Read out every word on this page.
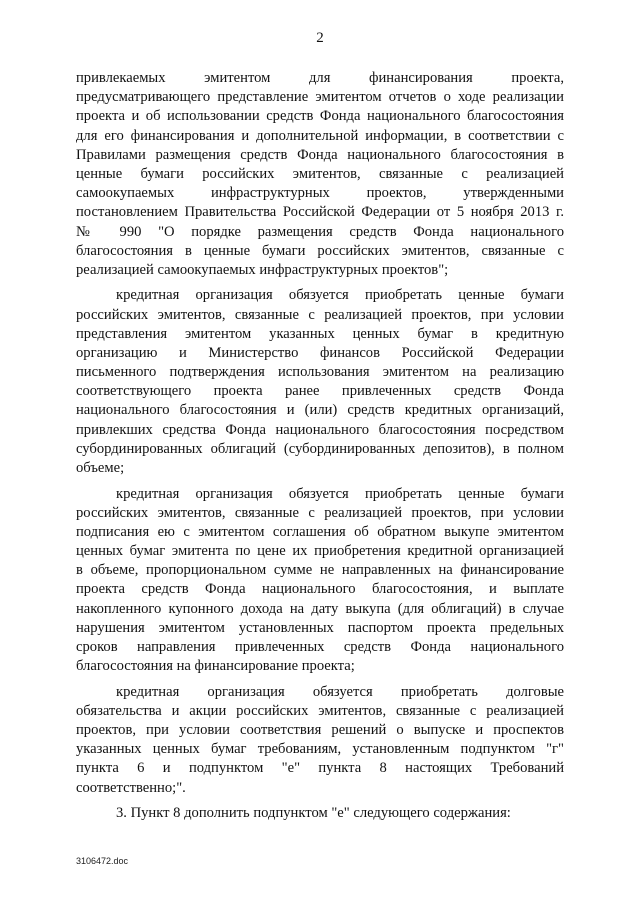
2
привлекаемых эмитентом для финансирования проекта,
предусматривающего представление эмитентом отчетов о ходе реализации
проекта и об использовании средств Фонда национального благосостояния
для его финансирования и дополнительной информации, в соответствии с
Правилами размещения средств Фонда национального благосостояния в
ценные бумаги российских эмитентов, связанные с реализацией
самоокупаемых инфраструктурных проектов, утвержденными
постановлением Правительства Российской Федерации от 5 ноября 2013 г.
№ 990 "О порядке размещения средств Фонда национального
благосостояния в ценные бумаги российских эмитентов, связанные с
реализацией самоокупаемых инфраструктурных проектов";
кредитная организация обязуется приобретать ценные бумаги
российских эмитентов, связанные с реализацией проектов, при условии
представления эмитентом указанных ценных бумаг в кредитную
организацию и Министерство финансов Российской Федерации
письменного подтверждения использования эмитентом на реализацию
соответствующего проекта ранее привлеченных средств Фонда
национального благосостояния и (или) средств кредитных организаций,
привлекших средства Фонда национального благосостояния посредством
субординированных облигаций (субординированных депозитов), в полном
объеме;
кредитная организация обязуется приобретать ценные бумаги
российских эмитентов, связанные с реализацией проектов, при условии
подписания ею с эмитентом соглашения об обратном выкупе эмитентом
ценных бумаг эмитента по цене их приобретения кредитной организацией
в объеме, пропорциональном сумме не направленных на финансирование
проекта средств Фонда национального благосостояния, и выплате
накопленного купонного дохода на дату выкупа (для облигаций) в случае
нарушения эмитентом установленных паспортом проекта предельных
сроков направления привлеченных средств Фонда национального
благосостояния на финансирование проекта;
кредитная организация обязуется приобретать долговые
обязательства и акции российских эмитентов, связанные с реализацией
проектов, при условии соответствия решений о выпуске и проспектов
указанных ценных бумаг требованиям, установленным подпунктом "г"
пункта 6 и подпунктом "е" пункта 8 настоящих Требований
соответственно;".
3. Пункт 8 дополнить подпунктом "е" следующего содержания:
3106472.doc
